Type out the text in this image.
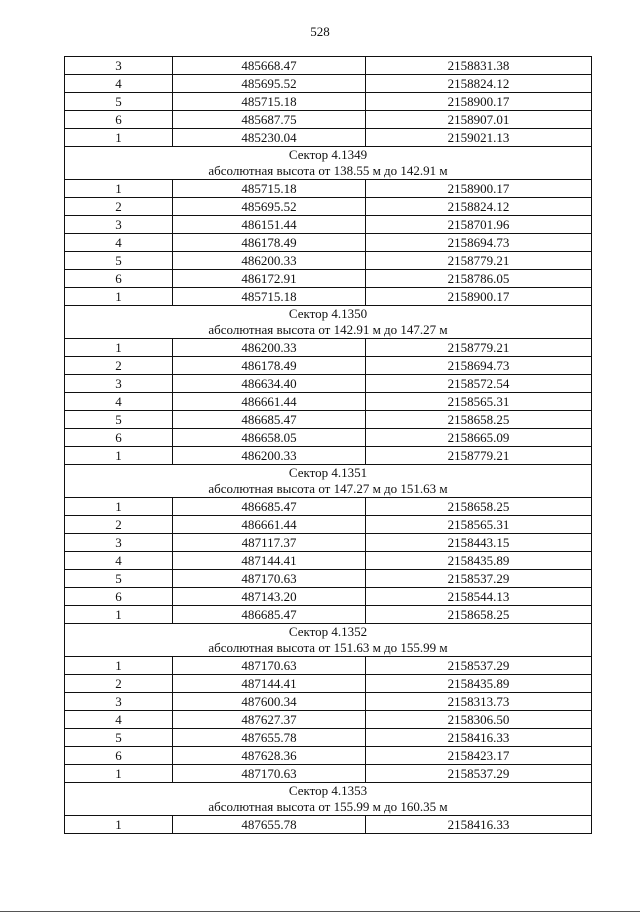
528
3	485668.47	2158831.38
4	485695.52	2158824.12
5	485715.18	2158900.17
6	485687.75	2158907.01
1	485230.04	2159021.13

Сектор 4.1349
абсолютная высота от 138.55 м до 142.91 м		

1	485715.18	2158900.17
2	485695.52	2158824.12
3	486151.44	2158701.96
4	486178.49	2158694.73
5	486200.33	2158779.21
6	486172.91	2158786.05
1	485715.18	2158900.17

Сектор 4.1350
абсолютная высота от 142.91 м до 147.27 м		

1	486200.33	2158779.21
2	486178.49	2158694.73
3	486634.40	2158572.54
4	486661.44	2158565.31
5	486685.47	2158658.25
6	486658.05	2158665.09
1	486200.33	2158779.21

Сектор 4.1351
абсолютная высота от 147.27 м до 151.63 м		

1	486685.47	2158658.25
2	486661.44	2158565.31
3	487117.37	2158443.15
4	487144.41	2158435.89
5	487170.63	2158537.29
6	487143.20	2158544.13
1	486685.47	2158658.25

Сектор 4.1352
абсолютная высота от 151.63 м до 155.99 м		

1	487170.63	2158537.29
2	487144.41	2158435.89
3	487600.34	2158313.73
4	487627.37	2158306.50
5	487655.78	2158416.33
6	487628.36	2158423.17
1	487170.63	2158537.29

Сектор 4.1353
абсолютная высота от 155.99 м до 160.35 м		

1	487655.78	2158416.33
